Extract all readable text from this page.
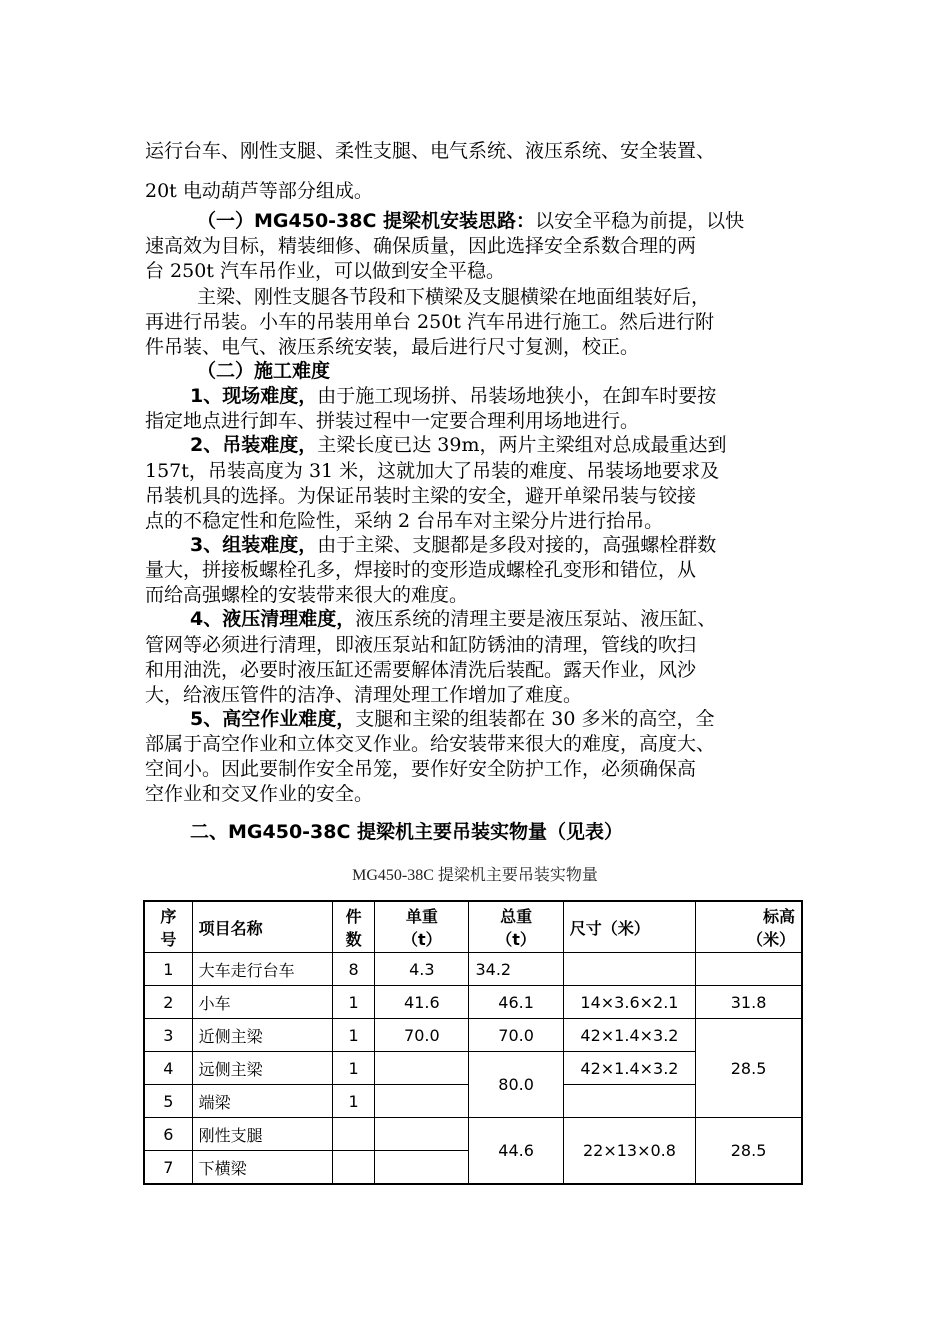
运行台车、刚性支腿、柔性支腿、电气系统、液压系统、安全装置、
20t 电动葫芦等部分组成。
（一）MG450-38C 提梁机安装思路：以安全平稳为前提，以快
速高效为目标，精装细修、确保质量，因此选择安全系数合理的两
台 250t 汽车吊作业，可以做到安全平稳。
主梁、刚性支腿各节段和下横梁及支腿横梁在地面组装好后，
再进行吊装。小车的吊装用单台 250t 汽车吊进行施工。然后进行附
件吊装、电气、液压系统安装，最后进行尺寸复测，校正。
（二）施工难度
1、现场难度，由于施工现场拼、吊装场地狭小，在卸车时要按
指定地点进行卸车、拼装过程中一定要合理利用场地进行。
2、吊装难度，主梁长度已达 39m，两片主梁组对总成最重达到
157t，吊装高度为 31 米，这就加大了吊装的难度、吊装场地要求及
吊装机具的选择。为保证吊装时主梁的安全，避开单梁吊装与铰接
点的不稳定性和危险性，采纳 2 台吊车对主梁分片进行抬吊。
3、组装难度，由于主梁、支腿都是多段对接的，高强螺栓群数
量大，拼接板螺栓孔多，焊接时的变形造成螺栓孔变形和错位，从
而给高强螺栓的安装带来很大的难度。
4、液压清理难度，液压系统的清理主要是液压泵站、液压缸、
管网等必须进行清理，即液压泵站和缸防锈油的清理，管线的吹扫
和用油洗，必要时液压缸还需要解体清洗后装配。露天作业，风沙
大，给液压管件的洁净、清理处理工作增加了难度。
5、高空作业难度，支腿和主梁的组装都在 30 多米的高空，全
部属于高空作业和立体交叉作业。给安装带来很大的难度，高度大、
空间小。因此要制作安全吊笼，要作好安全防护工作，必须确保高
空作业和交叉作业的安全。
二、MG450-38C 提梁机主要吊装实物量（见表）
MG450-38C 提梁机主要吊装实物量
序
号	项目名称	件
数	单重
（t）	总重
（t）	尺寸（米）	标高
（米）
1	大车走行台车	8	4.3	34.2		
2	小车	1	41.6	46.1	14×3.6×2.1	31.8
3	近侧主梁	1	70.0	70.0	42×1.4×3.2	28.5
4	远侧主梁	1		80.0	42×1.4×3.2	
5	端梁	1				
6	刚性支腿			44.6	22×13×0.8	28.5
7	下横梁					
